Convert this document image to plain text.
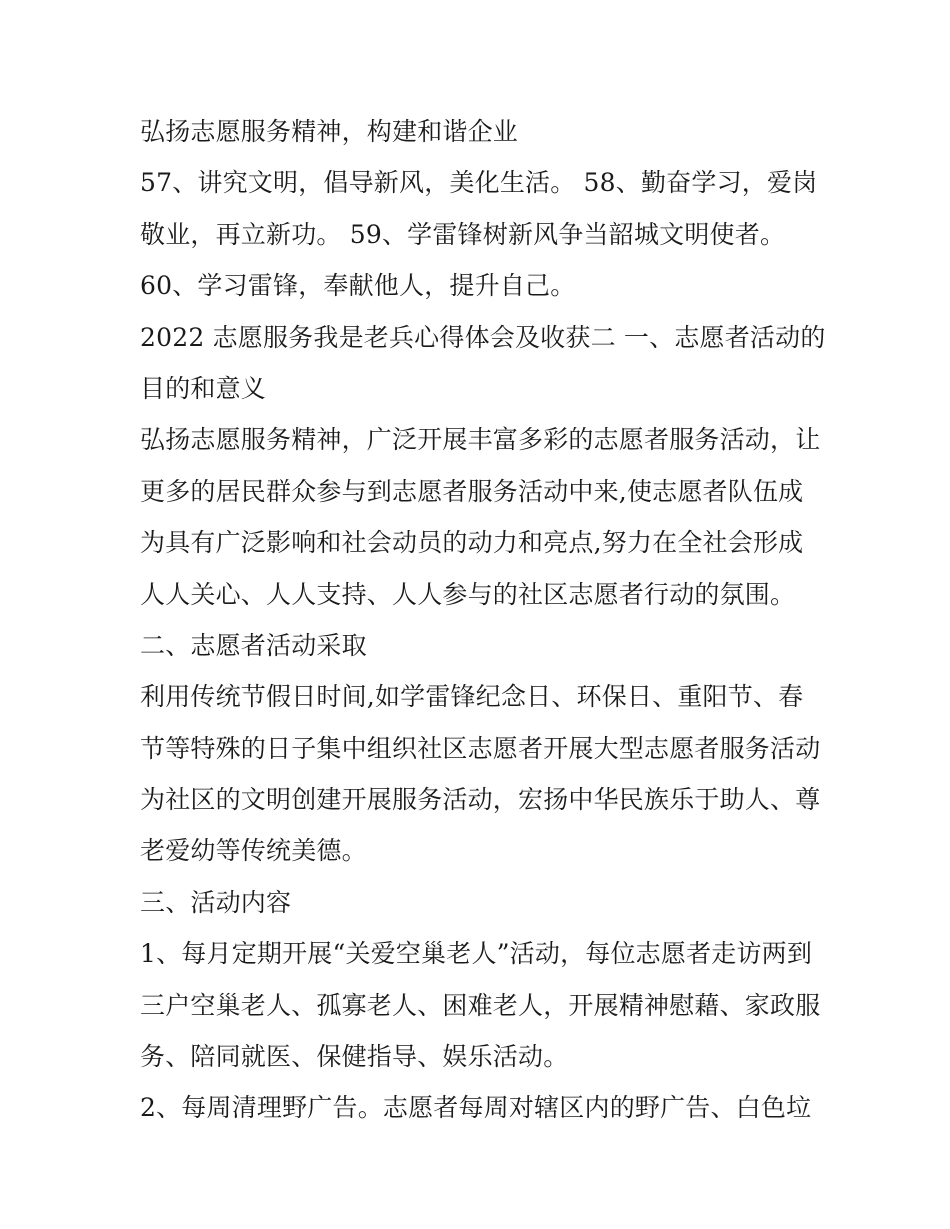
弘扬志愿服务精神，构建和谐企业
57、讲究文明，倡导新风，美化生活。 58、勤奋学习，爱岗
敬业，再立新功。 59、学雷锋树新风争当韶城文明使者。
60、学习雷锋，奉献他人，提升自己。
2022 志愿服务我是老兵心得体会及收获二 一、志愿者活动的
目的和意义
弘扬志愿服务精神，广泛开展丰富多彩的志愿者服务活动，让
更多的居民群众参与到志愿者服务活动中来,使志愿者队伍成
为具有广泛影响和社会动员的动力和亮点,努力在全社会形成
人人关心、人人支持、人人参与的社区志愿者行动的氛围。
二、志愿者活动采取
利用传统节假日时间,如学雷锋纪念日、环保日、重阳节、春
节等特殊的日子集中组织社区志愿者开展大型志愿者服务活动
为社区的文明创建开展服务活动，宏扬中华民族乐于助人、尊
老爱幼等传统美德。
三、活动内容
1、每月定期开展“关爱空巢老人”活动，每位志愿者走访两到
三户空巢老人、孤寡老人、困难老人，开展精神慰藉、家政服
务、陪同就医、保健指导、娱乐活动。
2、每周清理野广告。志愿者每周对辖区内的野广告、白色垃
